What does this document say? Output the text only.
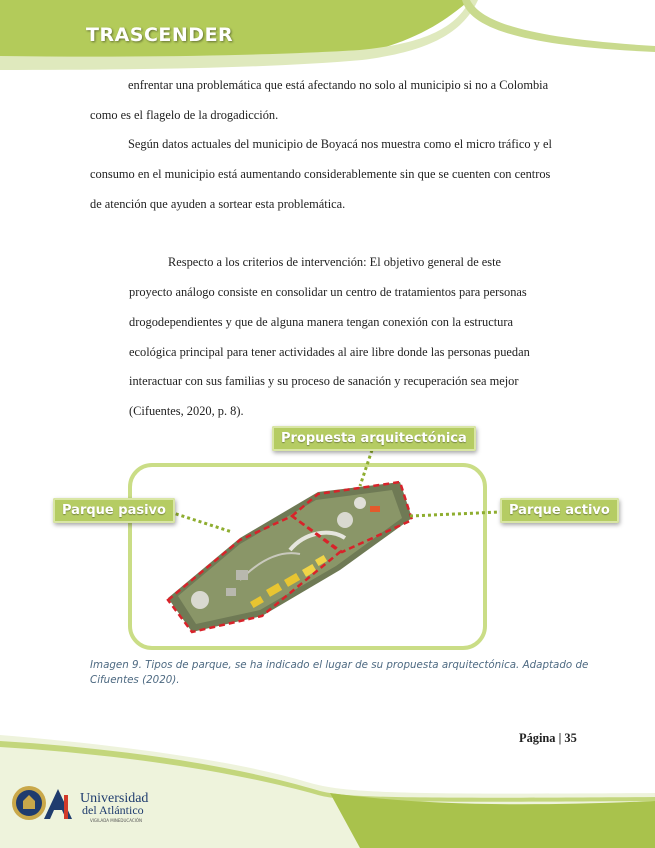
TRASCENDER
enfrentar una problemática que está afectando no solo al municipio si no a Colombia
como es el flagelo de la drogadicción.
Según datos actuales del municipio de Boyacá nos muestra como el micro tráfico y el
consumo en el municipio está aumentando considerablemente sin que se cuenten con centros
de atención que ayuden a sortear esta problemática.
Respecto a los criterios de intervención: El objetivo general de este
proyecto análogo consiste en consolidar un centro de tratamientos para personas
drogodependientes y que de alguna manera tengan conexión con la estructura
ecológica principal para tener actividades al aire libre donde las personas puedan
interactuar con sus familias y su proceso de sanación y recuperación sea mejor
(Cifuentes, 2020, p. 8).
Propuesta arquitectónica
Parque pasivo	Parque activo
Imagen 9. Tipos de parque, se ha indicado el lugar de su propuesta arquitectónica. Adaptado de Cifuentes (2020).
Página | 35
Universidad
del Atlántico
VIGILADA MINEDUCACIÓN
